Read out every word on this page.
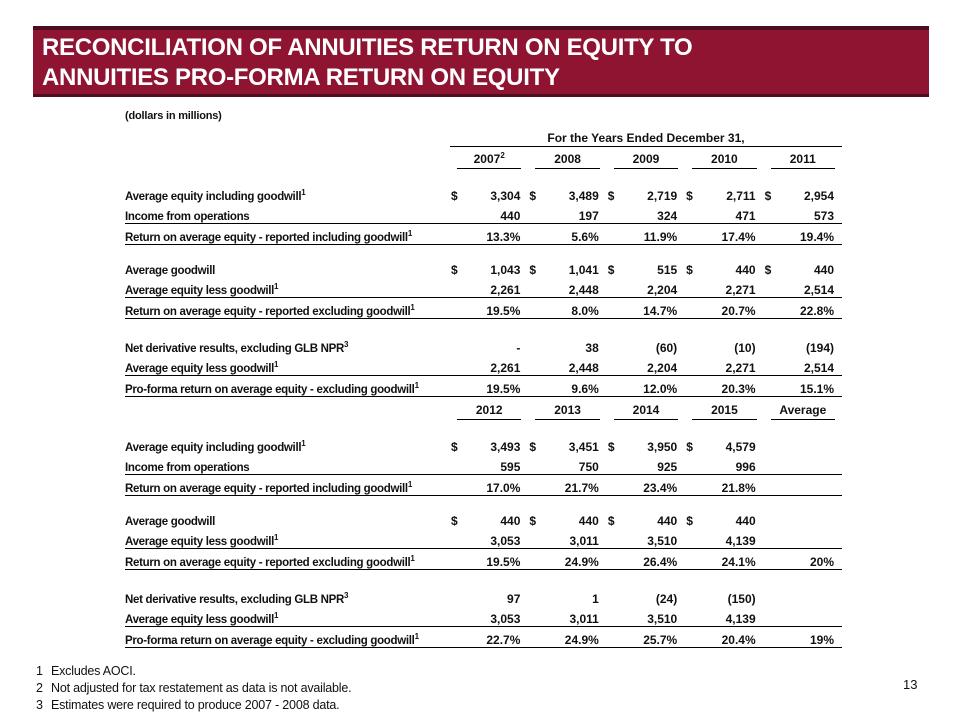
RECONCILIATION OF ANNUITIES RETURN ON EQUITY TO
ANNUITIES PRO-FORMA RETURN ON EQUITY
(dollars in millions)
	For the Years Ended December 31,									

	2007$^2$		2008		2009		2010		2011	

Average equity including goodwill$^1$	$	3,304	$	3,489	$	2,719	$	2,711	$	2,954
Income from operations		440		197		324		471		573
Return on average equity - reported including goodwill$^1$		13.3%		5.6%		11.9%		17.4%		19.4%

Average goodwill	$	1,043	$	1,041	$	515	$	440	$	440
Average equity less goodwill$^1$		2,261		2,448		2,204		2,271		2,514
Return on average equity - reported excluding goodwill$^1$		19.5%		8.0%		14.7%		20.7%		22.8%

Net derivative results, excluding GLB NPR$^3$		-		38		(60)		(10)		(194)
Average equity less goodwill$^1$		2,261		2,448		2,204		2,271		2,514
Pro-forma return on average equity - excluding goodwill$^1$		19.5%		9.6%		12.0%		20.3%		15.1%

	2012		2013		2014		2015		Average	

Average equity including goodwill$^1$	$	3,493	$	3,451	$	3,950	$	4,579		
Income from operations		595		750		925		996		
Return on average equity - reported including goodwill$^1$		17.0%		21.7%		23.4%		21.8%		

Average goodwill	$	440	$	440	$	440	$	440		
Average equity less goodwill$^1$		3,053		3,011		3,510		4,139		
Return on average equity - reported excluding goodwill$^1$		19.5%		24.9%		26.4%		24.1%		20%

Net derivative results, excluding GLB NPR$^3$		97		1		(24)		(150)		
Average equity less goodwill$^1$		3,053		3,011		3,510		4,139		
Pro-forma return on average equity - excluding goodwill$^1$		22.7%		24.9%		25.7%		20.4%		19%
1 Excludes AOCI.
2 Not adjusted for tax restatement as data is not available.
3 Estimates were required to produce 2007 - 2008 data.
13
